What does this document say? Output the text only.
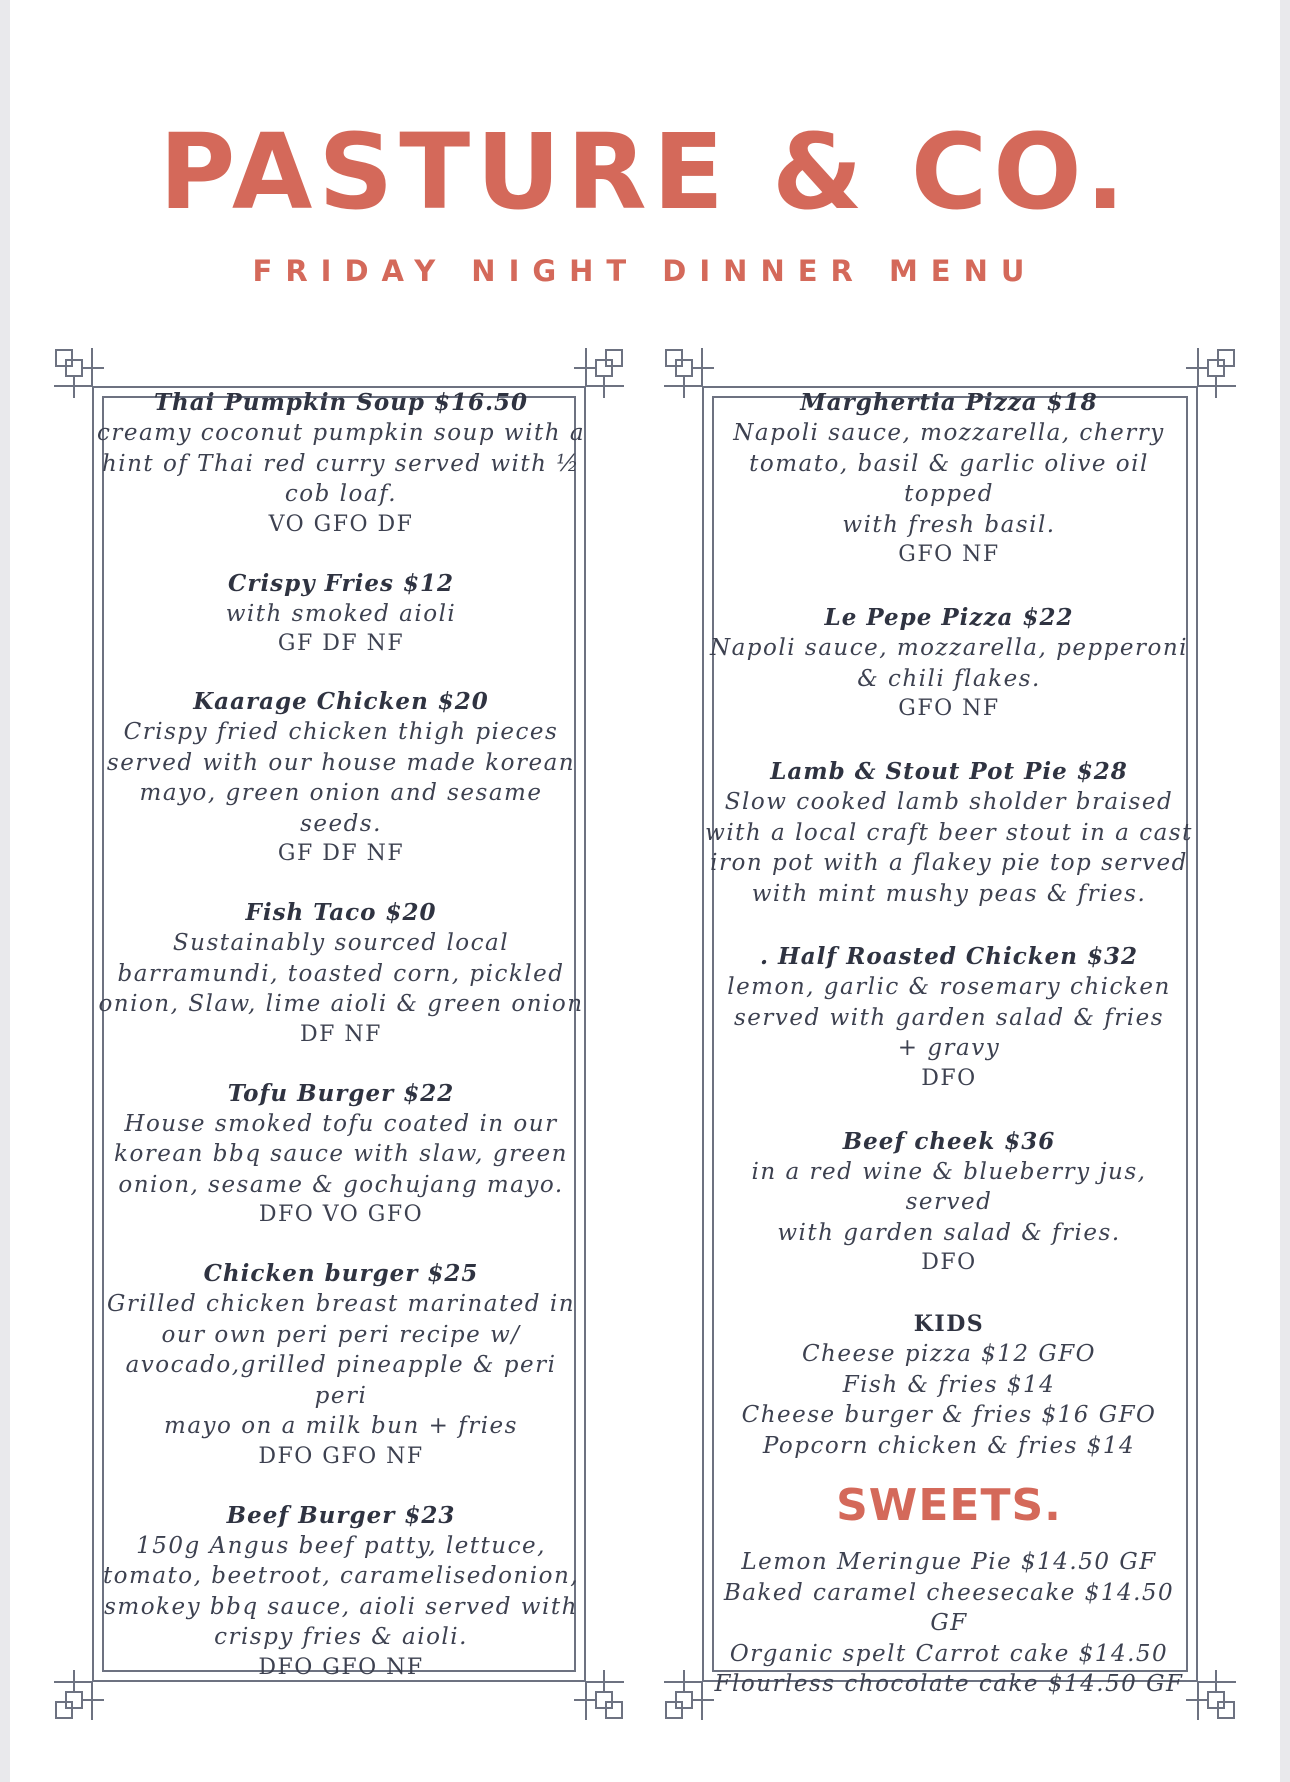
PASTURE & CO.
FRIDAY NIGHT DINNER MENU
Thai Pumpkin Soup $16.50
creamy coconut pumpkin soup with a
hint of Thai red curry served with ½
cob loaf.
VO GFO DF
Crispy Fries $12
with smoked aioli
GF DF NF
Kaarage Chicken $20
Crispy fried chicken thigh pieces
served with our house made korean
mayo, green onion and sesame seeds.
GF DF NF
Fish Taco $20
Sustainably sourced local
barramundi, toasted corn, pickled
onion, Slaw, lime aioli & green onion
DF NF
Tofu Burger $22
House smoked tofu coated in our
korean bbq sauce with slaw, green
onion, sesame & gochujang mayo.
DFO VO GFO
Chicken burger $25
Grilled chicken breast marinated in
our own peri peri recipe w/
avocado,grilled pineapple & peri peri
mayo on a milk bun + fries
DFO GFO NF
Beef Burger $23
150g Angus beef patty, lettuce,
tomato, beetroot, caramelisedonion,
smokey bbq sauce, aioli served with
crispy fries & aioli.
DFO GFO NF
Marghertia Pizza $18
Napoli sauce, mozzarella, cherry
tomato, basil & garlic olive oil topped
with fresh basil.
GFO NF
Le Pepe Pizza $22
Napoli sauce, mozzarella, pepperoni
& chili flakes.
GFO NF
Lamb & Stout Pot Pie $28
Slow cooked lamb sholder braised
with a local craft beer stout in a cast
iron pot with a flakey pie top served
with mint mushy peas & fries.
. Half Roasted Chicken $32
lemon, garlic & rosemary chicken
served with garden salad & fries
+ gravy
DFO
Beef cheek $36
in a red wine & blueberry jus, served
with garden salad & fries.
DFO
KIDS
Cheese pizza $12 GFO
Fish & fries $14
Cheese burger & fries $16 GFO
Popcorn chicken & fries $14
SWEETS.
Lemon Meringue Pie $14.50 GF
Baked caramel cheesecake $14.50 GF
Organic spelt Carrot cake $14.50
Flourless chocolate cake $14.50 GF
